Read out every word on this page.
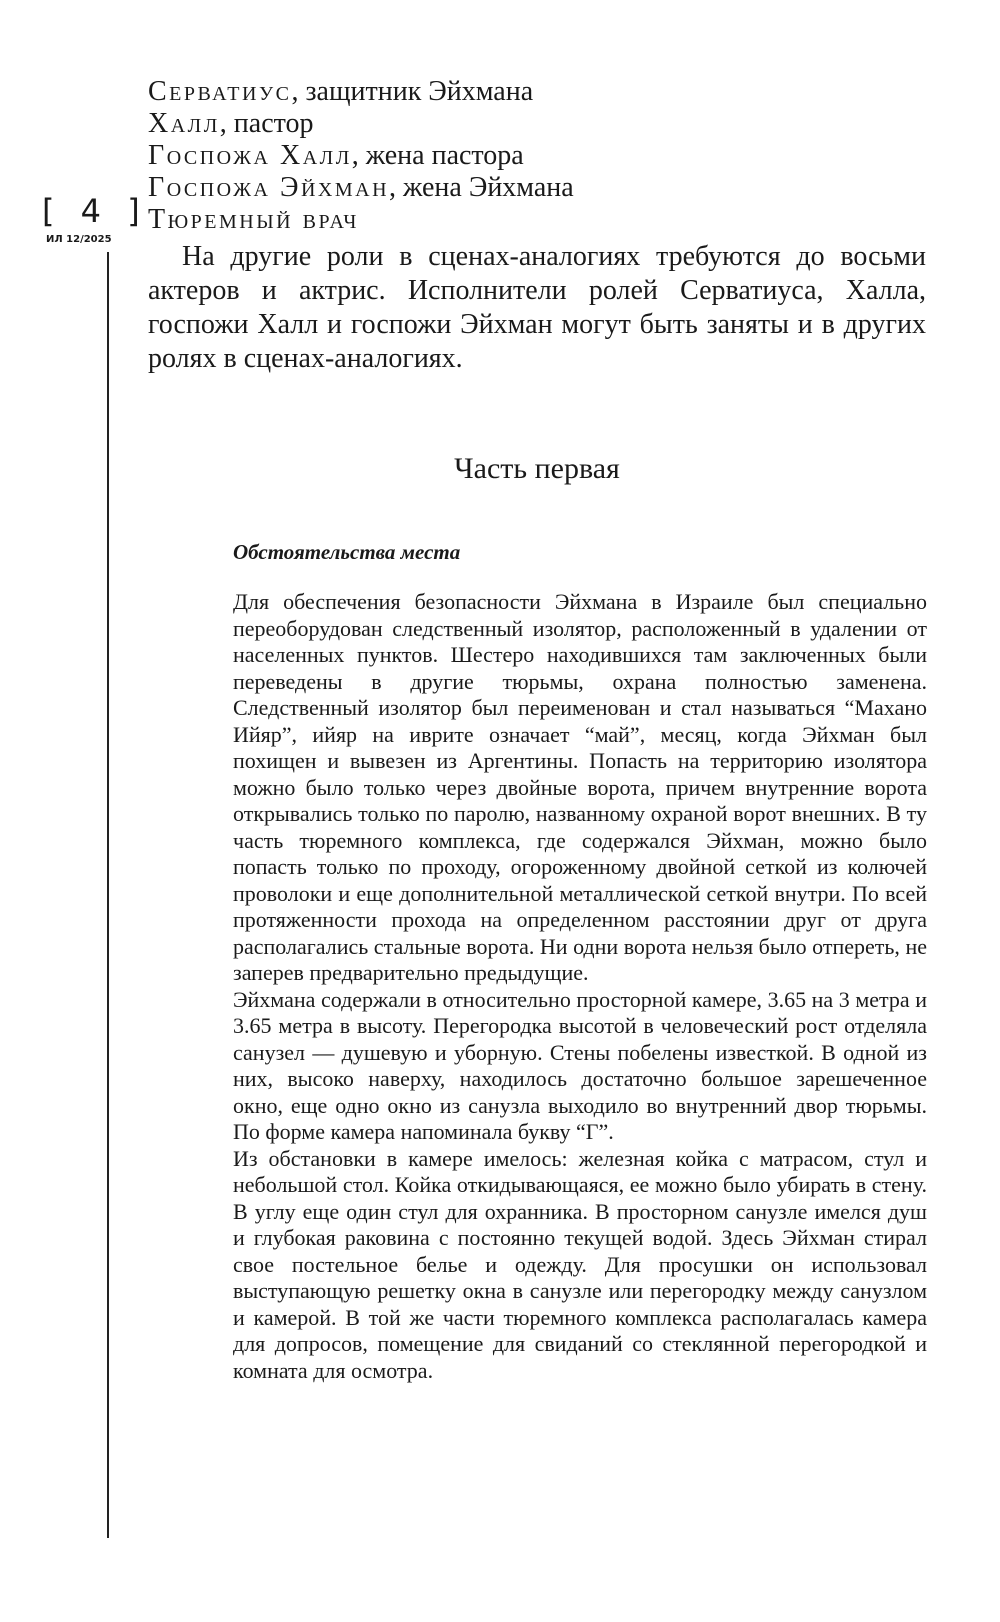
[ 4 ]
ИЛ 12/2025
Серватиус, защитник Эйхмана
Халл, пастор
Госпожа Халл, жена пастора
Госпожа Эйхман, жена Эйхмана
Тюремный врач

На другие роли в сценах-аналогиях требуются до восьми актеров и актрис. Исполнители ролей Серватиуса, Халла, госпожи Халл и госпожи Эйхман могут быть заняты и в других ролях в сценах-аналогиях.

Часть первая
Обстоятельства места

Для обеспечения безопасности Эйхмана в Израиле был специально переоборудован следственный изолятор, расположенный в удалении от населенных пунктов. Шестеро находившихся там заключенных были переведены в другие тюрьмы, охрана полностью заменена. Следственный изолятор был переименован и стал называться “Махано Ийяр”, ийяр на иврите означает “май”, месяц, когда Эйхман был похищен и вывезен из Аргентины. Попасть на территорию изолятора можно было только через двойные ворота, причем внутренние ворота открывались только по паролю, названному охраной ворот внешних. В ту часть тюремного комплекса, где содержался Эйхман, можно было попасть только по проходу, огороженному двойной сеткой из колючей проволоки и еще дополнительной металлической сеткой внутри. По всей протяженности прохода на определенном расстоянии друг от друга располагались стальные ворота. Ни одни ворота нельзя было отпереть, не заперев предварительно предыдущие.

Эйхмана содержали в относительно просторной камере, 3.65 на 3 метра и 3.65 метра в высоту. Перегородка высотой в человеческий рост отделяла санузел — душевую и уборную. Стены побелены известкой. В одной из них, высоко наверху, находилось достаточно большое зарешеченное окно, еще одно окно из санузла выходило во внутренний двор тюрьмы. По форме камера напоминала букву “Г”.

Из обстановки в камере имелось: железная койка с матрасом, стул и небольшой стол. Койка откидывающаяся, ее можно было убирать в стену. В углу еще один стул для охранника. В просторном санузле имелся душ и глубокая раковина с постоянно текущей водой. Здесь Эйхман стирал свое постельное белье и одежду. Для просушки он использовал выступающую решетку окна в санузле или перегородку между санузлом и камерой. В той же части тюремного комплекса располагалась камера для допросов, помещение для свиданий со стеклянной перегородкой и комната для осмотра.
